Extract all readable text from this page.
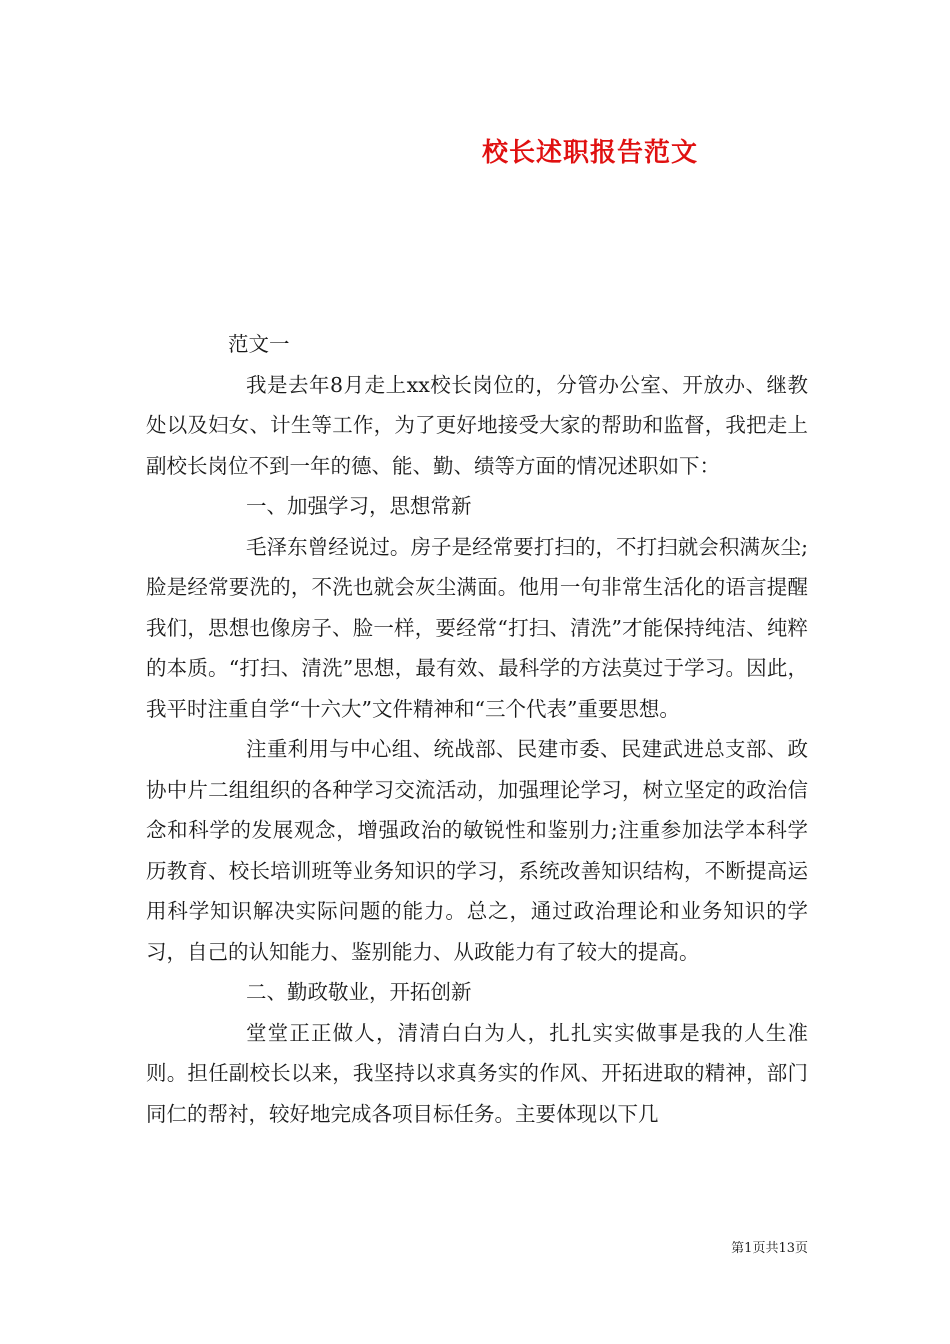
校长述职报告范文

范文一

我是去年8月走上xx校长岗位的，分管办公室、开放办、继教处以及妇女、计生等工作，为了更好地接受大家的帮助和监督，我把走上副校长岗位不到一年的德、能、勤、绩等方面的情况述职如下：

一、加强学习，思想常新

毛泽东曾经说过。房子是经常要打扫的，不打扫就会积满灰尘;脸是经常要洗的，不洗也就会灰尘满面。他用一句非常生活化的语言提醒我们，思想也像房子、脸一样，要经常“打扫、清洗”才能保持纯洁、纯粹的本质。“打扫、清洗”思想，最有效、最科学的方法莫过于学习。因此，我平时注重自学“十六大”文件精神和“三个代表”重要思想。

注重利用与中心组、统战部、民建市委、民建武进总支部、政协中片二组组织的各种学习交流活动，加强理论学习，树立坚定的政治信念和科学的发展观念，增强政治的敏锐性和鉴别力;注重参加法学本科学历教育、校长培训班等业务知识的学习，系统改善知识结构，不断提高运用科学知识解决实际问题的能力。总之，通过政治理论和业务知识的学习，自己的认知能力、鉴别能力、从政能力有了较大的提高。

二、勤政敬业，开拓创新

堂堂正正做人，清清白白为人，扎扎实实做事是我的人生准则。担任副校长以来，我坚持以求真务实的作风、开拓进取的精神，部门同仁的帮衬，较好地完成各项目标任务。主要体现以下几

第1页共13页
